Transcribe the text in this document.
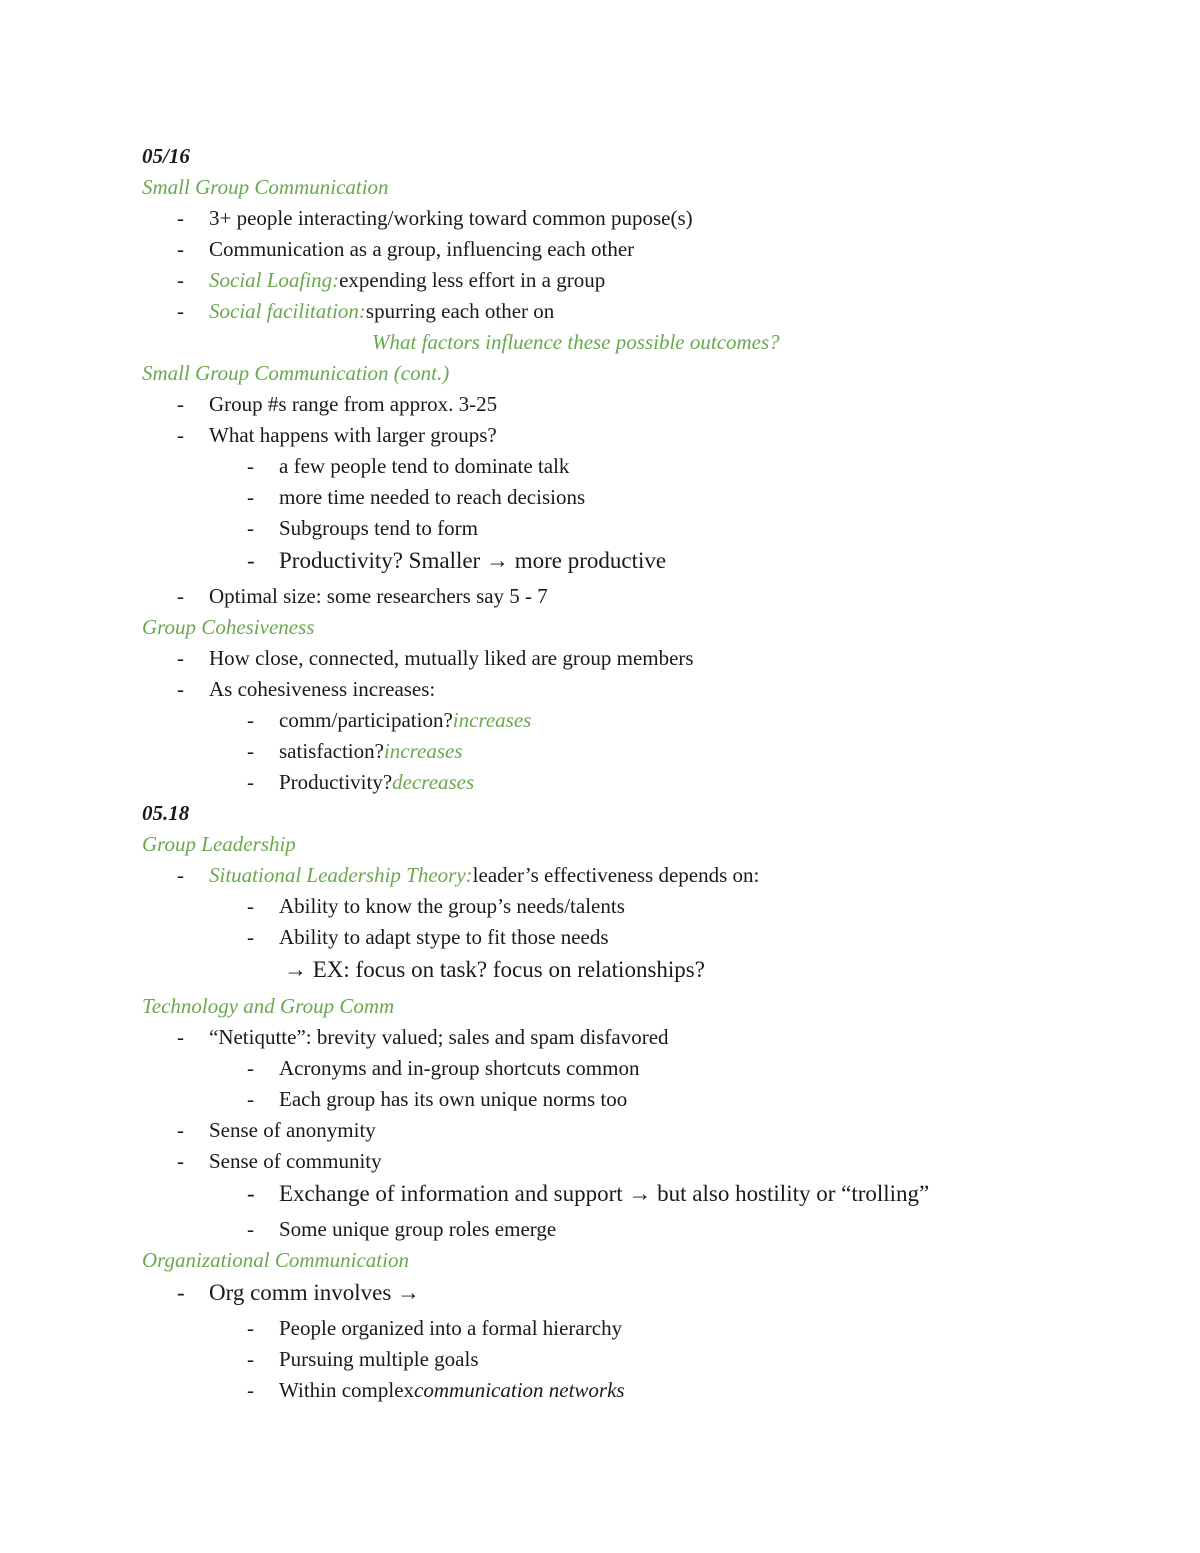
05/16
Small Group Communication
-	3+ people interacting/working toward common pupose(s)
-	Communication as a group, influencing each other
-	Social Loafing: expending less effort in a group
-	Social facilitation: spurring each other on
What factors influence these possible outcomes?
Small Group Communication (cont.)
-	Group #s range from approx. 3-25
-	What happens with larger groups?
-	a few people tend to dominate talk
-	more time needed to reach decisions
-	Subgroups tend to form
-	Productivity? Smaller → more productive
-	Optimal size: some researchers say 5 - 7
Group Cohesiveness
-	How close, connected, mutually liked are group members
-	As cohesiveness increases:
-	comm/participation? increases
-	satisfaction? increases
-	Productivity? decreases
05.18
Group Leadership
-	Situational Leadership Theory: leader’s effectiveness depends on:
-	Ability to know the group’s needs/talents
-	Ability to adapt stype to fit those needs
→ EX: focus on task? focus on relationships?
Technology and Group Comm
-	“Netiqutte”: brevity valued; sales and spam disfavored
-	Acronyms and in-group shortcuts common
-	Each group has its own unique norms too
-	Sense of anonymity
-	Sense of community
-	Exchange of information and support → but also hostility or “trolling”
-	Some unique group roles emerge
Organizational Communication
-	Org comm involves →
-	People organized into a formal hierarchy
-	Pursuing multiple goals
-	Within complex communication networks
